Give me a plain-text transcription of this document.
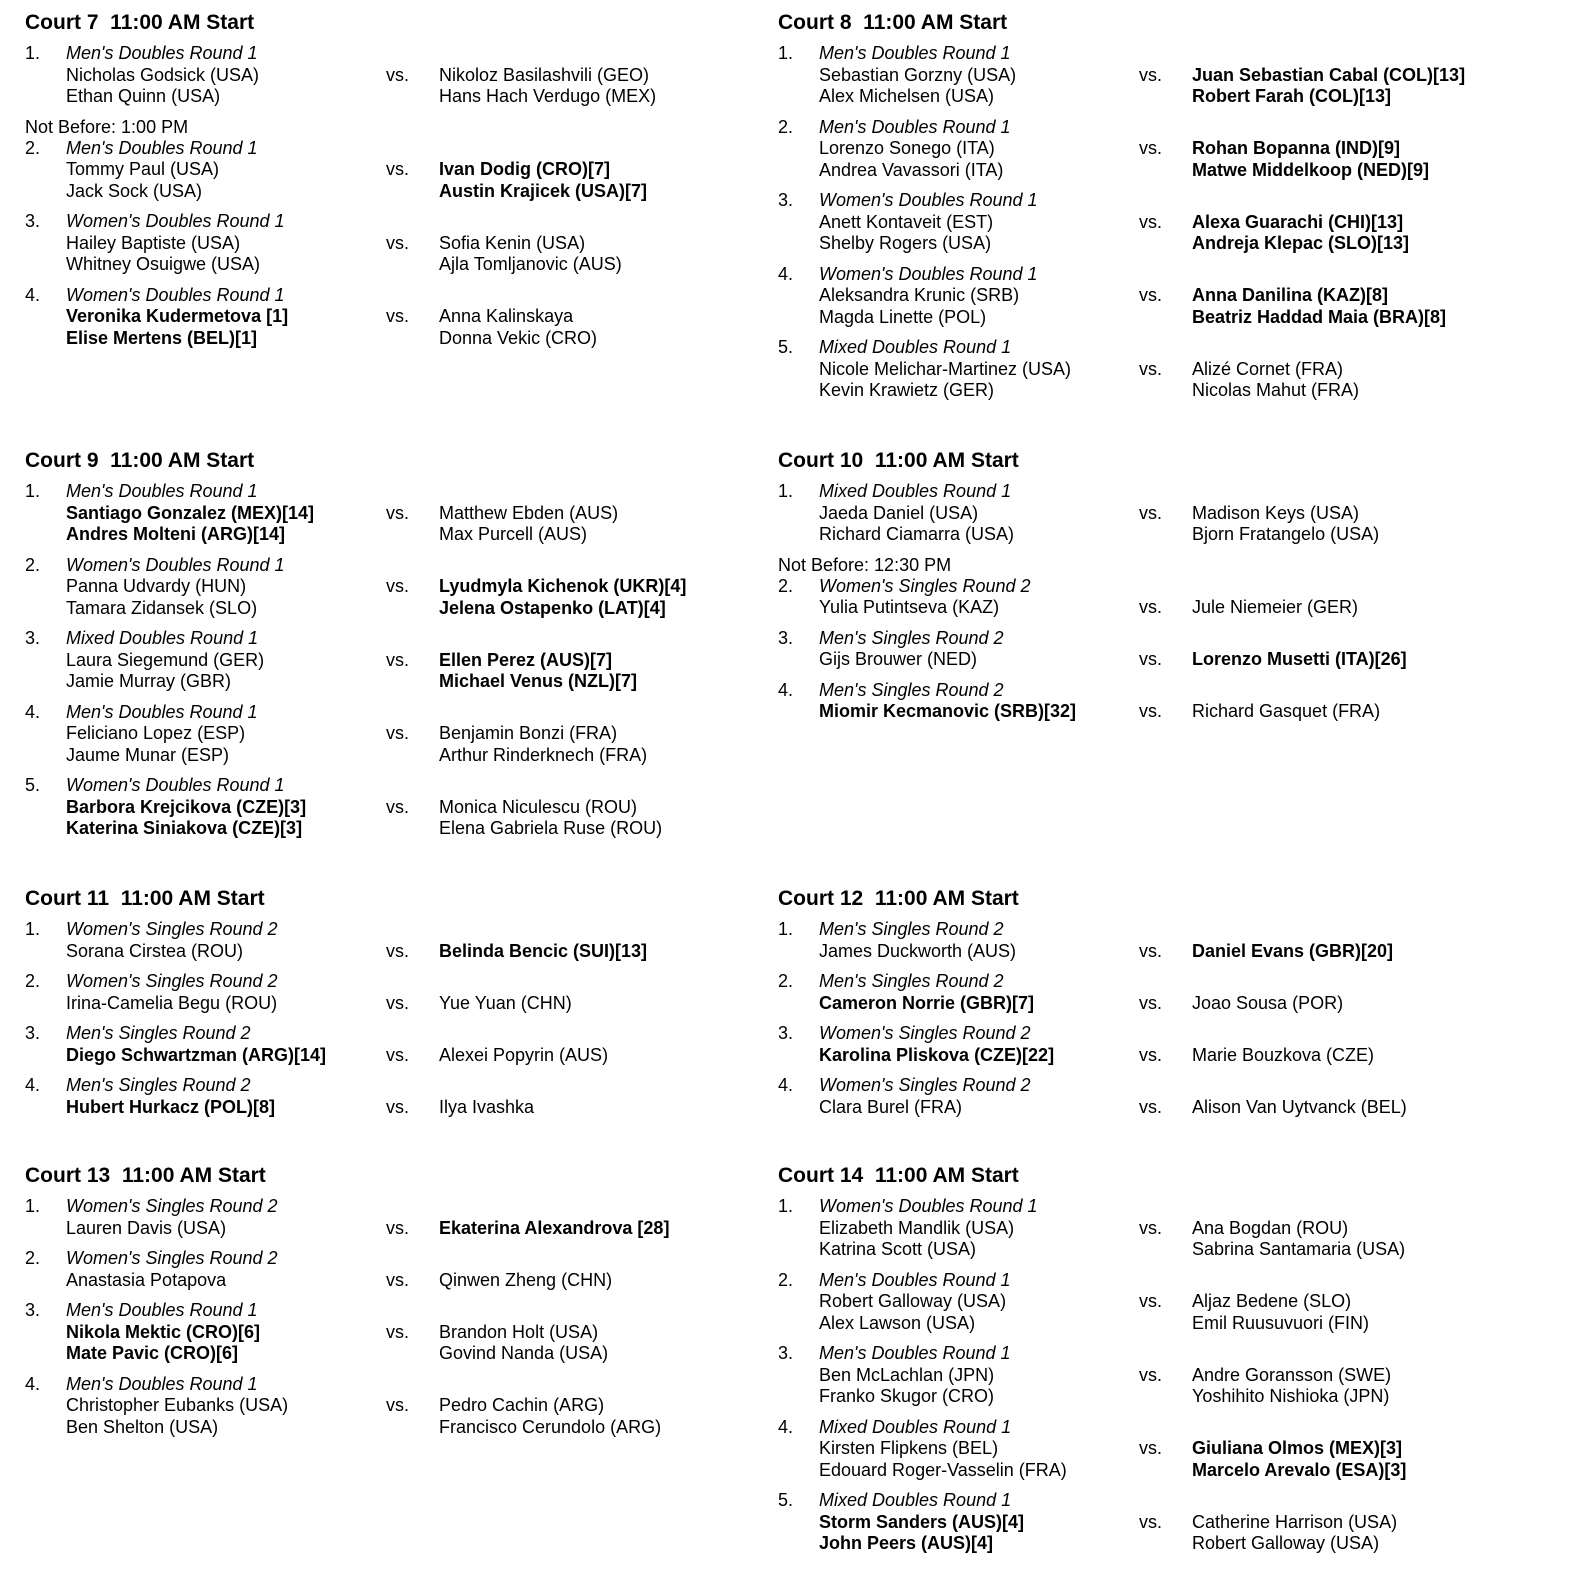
Court 7  11:00 AM Start
1.	Men's Doubles Round 1
Nicholas Godsick (USA)
Ethan Quinn (USA)
vs.	Nikoloz Basilashvili (GEO)
Hans Hach Verdugo (MEX)
Not Before: 1:00 PM
2.	Men's Doubles Round 1
Tommy Paul (USA)
Jack Sock (USA)
vs.	Ivan Dodig (CRO)[7]
Austin Krajicek (USA)[7]
3.	Women's Doubles Round 1
Hailey Baptiste (USA)
Whitney Osuigwe (USA)
vs.	Sofia Kenin (USA)
Ajla Tomljanovic (AUS)
4.	Women's Doubles Round 1
Veronika Kudermetova [1]
Elise Mertens (BEL)[1]
vs.	Anna Kalinskaya
Donna Vekic (CRO)
Court 8  11:00 AM Start
1.	Men's Doubles Round 1
Sebastian Gorzny (USA)
Alex Michelsen (USA)
vs.	Juan Sebastian Cabal (COL)[13]
Robert Farah (COL)[13]
2.	Men's Doubles Round 1
Lorenzo Sonego (ITA)
Andrea Vavassori (ITA)
vs.	Rohan Bopanna (IND)[9]
Matwe Middelkoop (NED)[9]
3.	Women's Doubles Round 1
Anett Kontaveit (EST)
Shelby Rogers (USA)
vs.	Alexa Guarachi (CHI)[13]
Andreja Klepac (SLO)[13]
4.	Women's Doubles Round 1
Aleksandra Krunic (SRB)
Magda Linette (POL)
vs.	Anna Danilina (KAZ)[8]
Beatriz Haddad Maia (BRA)[8]
5.	Mixed Doubles Round 1
Nicole Melichar-Martinez (USA)
Kevin Krawietz (GER)
vs.	Alizé Cornet (FRA)
Nicolas Mahut (FRA)
Court 9  11:00 AM Start
1.	Men's Doubles Round 1
Santiago Gonzalez (MEX)[14]
Andres Molteni (ARG)[14]
vs.	Matthew Ebden (AUS)
Max Purcell (AUS)
2.	Women's Doubles Round 1
Panna Udvardy (HUN)
Tamara Zidansek (SLO)
vs.	Lyudmyla Kichenok (UKR)[4]
Jelena Ostapenko (LAT)[4]
3.	Mixed Doubles Round 1
Laura Siegemund (GER)
Jamie Murray (GBR)
vs.	Ellen Perez (AUS)[7]
Michael Venus (NZL)[7]
4.	Men's Doubles Round 1
Feliciano Lopez (ESP)
Jaume Munar (ESP)
vs.	Benjamin Bonzi (FRA)
Arthur Rinderknech (FRA)
5.	Women's Doubles Round 1
Barbora Krejcikova (CZE)[3]
Katerina Siniakova (CZE)[3]
vs.	Monica Niculescu (ROU)
Elena Gabriela Ruse (ROU)
Court 10  11:00 AM Start
1.	Mixed Doubles Round 1
Jaeda Daniel (USA)
Richard Ciamarra (USA)
vs.	Madison Keys (USA)
Bjorn Fratangelo (USA)
Not Before: 12:30 PM
2.	Women's Singles Round 2
Yulia Putintseva (KAZ)	vs.	Jule Niemeier (GER)
3.	Men's Singles Round 2
Gijs Brouwer (NED)	vs.	Lorenzo Musetti (ITA)[26]
4.	Men's Singles Round 2
Miomir Kecmanovic (SRB)[32]	vs.	Richard Gasquet (FRA)
Court 11  11:00 AM Start
1.	Women's Singles Round 2
Sorana Cirstea (ROU)	vs.	Belinda Bencic (SUI)[13]
2.	Women's Singles Round 2
Irina-Camelia Begu (ROU)	vs.	Yue Yuan (CHN)
3.	Men's Singles Round 2
Diego Schwartzman (ARG)[14]	vs.	Alexei Popyrin (AUS)
4.	Men's Singles Round 2
Hubert Hurkacz (POL)[8]	vs.	Ilya Ivashka
Court 12  11:00 AM Start
1.	Men's Singles Round 2
James Duckworth (AUS)	vs.	Daniel Evans (GBR)[20]
2.	Men's Singles Round 2
Cameron Norrie (GBR)[7]	vs.	Joao Sousa (POR)
3.	Women's Singles Round 2
Karolina Pliskova (CZE)[22]	vs.	Marie Bouzkova (CZE)
4.	Women's Singles Round 2
Clara Burel (FRA)	vs.	Alison Van Uytvanck (BEL)
Court 13  11:00 AM Start
1.	Women's Singles Round 2
Lauren Davis (USA)	vs.	Ekaterina Alexandrova [28]
2.	Women's Singles Round 2
Anastasia Potapova	vs.	Qinwen Zheng (CHN)
3.	Men's Doubles Round 1
Nikola Mektic (CRO)[6]
Mate Pavic (CRO)[6]
vs.	Brandon Holt (USA)
Govind Nanda (USA)
4.	Men's Doubles Round 1
Christopher Eubanks (USA)
Ben Shelton (USA)
vs.	Pedro Cachin (ARG)
Francisco Cerundolo (ARG)
Court 14  11:00 AM Start
1.	Women's Doubles Round 1
Elizabeth Mandlik (USA)
Katrina Scott (USA)
vs.	Ana Bogdan (ROU)
Sabrina Santamaria (USA)
2.	Men's Doubles Round 1
Robert Galloway (USA)
Alex Lawson (USA)
vs.	Aljaz Bedene (SLO)
Emil Ruusuvuori (FIN)
3.	Men's Doubles Round 1
Ben McLachlan (JPN)
Franko Skugor (CRO)
vs.	Andre Goransson (SWE)
Yoshihito Nishioka (JPN)
4.	Mixed Doubles Round 1
Kirsten Flipkens (BEL)
Edouard Roger-Vasselin (FRA)
vs.	Giuliana Olmos (MEX)[3]
Marcelo Arevalo (ESA)[3]
5.	Mixed Doubles Round 1
Storm Sanders (AUS)[4]
John Peers (AUS)[4]
vs.	Catherine Harrison (USA)
Robert Galloway (USA)
